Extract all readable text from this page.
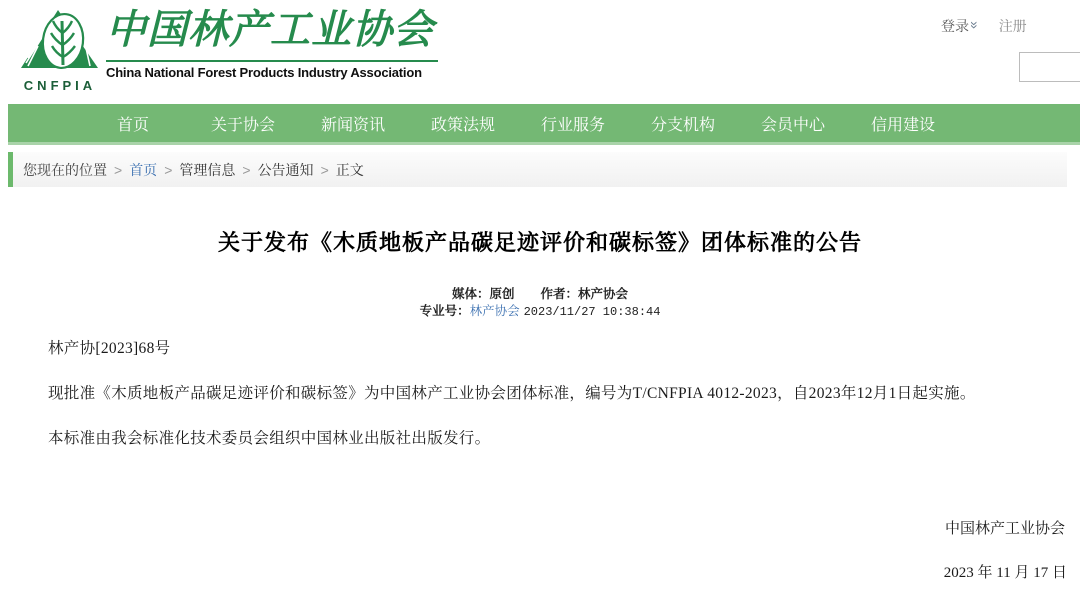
CNFPIA
中国林产工业协会
China National Forest Products Industry Association
登录» 注册
首页	关于协会	新闻资讯	政策法规	行业服务	分支机构	会员中心	信用建设
您现在的位置 > 首页 > 管理信息 > 公告通知 > 正文
关于发布《木质地板产品碳足迹评价和碳标签》团体标准的公告
媒体：原创 作者：林产协会
专业号：林产协会 2023/11/27 10:38:44

林产协[2023]68号

现批准《木质地板产品碳足迹评价和碳标签》为中国林产工业协会团体标准，编号为T/CNFPIA 4012-2023，自2023年12月1日起实施。

本标准由我会标准化技术委员会组织中国林业出版社出版发行。

中国林产工业协会
2023 年 11 月 17 日
